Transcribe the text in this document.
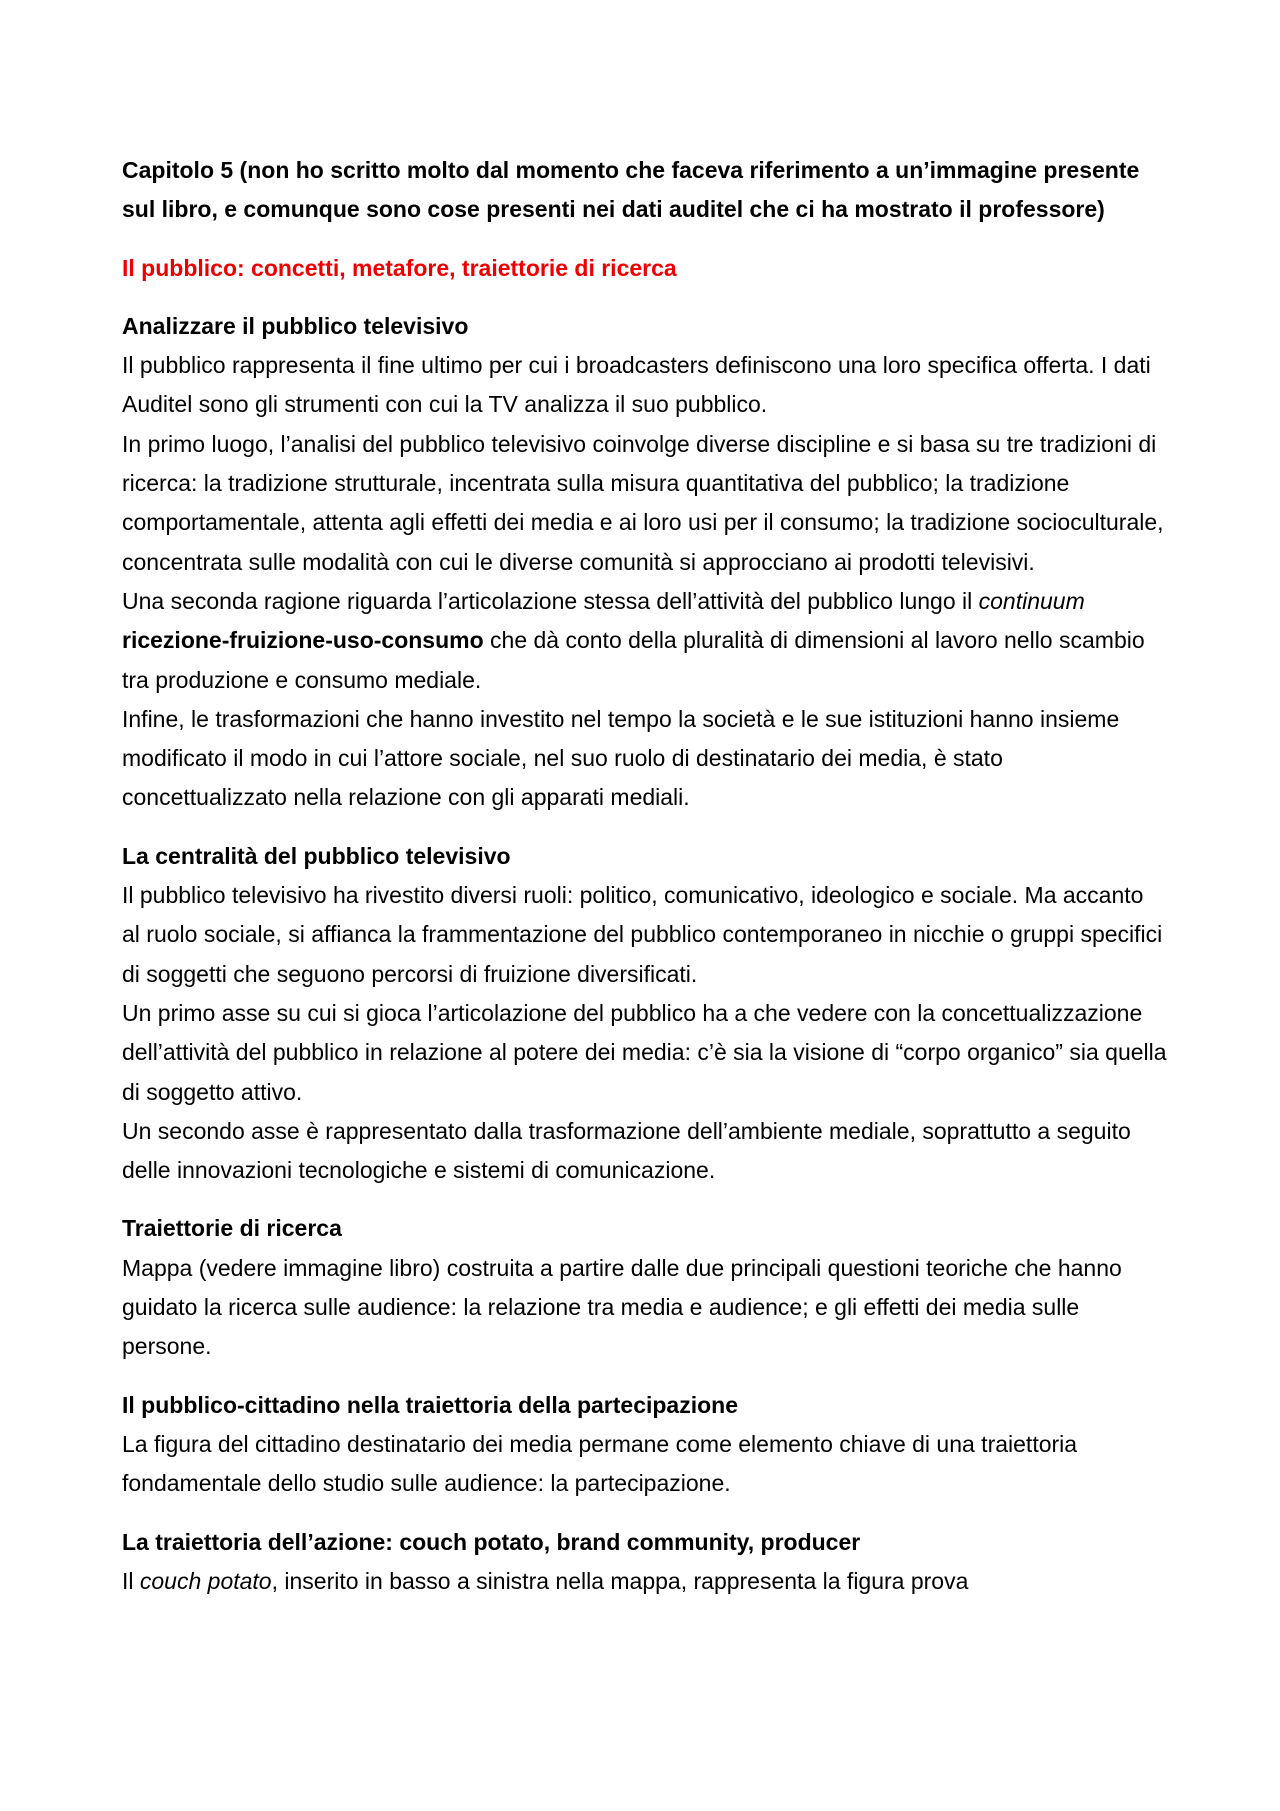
Capitolo 5 (non ho scritto molto dal momento che faceva riferimento a un’immagine presente sul libro, e comunque sono cose presenti nei dati auditel che ci ha mostrato il professore)

Il pubblico: concetti, metafore, traiettorie di ricerca

Analizzare il pubblico televisivo

Il pubblico rappresenta il fine ultimo per cui i broadcasters definiscono una loro specifica offerta. I dati Auditel sono gli strumenti con cui la TV analizza il suo pubblico.

In primo luogo, l’analisi del pubblico televisivo coinvolge diverse discipline e si basa su tre tradizioni di ricerca: la tradizione strutturale, incentrata sulla misura quantitativa del pubblico; la tradizione comportamentale, attenta agli effetti dei media e ai loro usi per il consumo; la tradizione socioculturale, concentrata sulle modalità con cui le diverse comunità si approcciano ai prodotti televisivi.

Una seconda ragione riguarda l’articolazione stessa dell’attività del pubblico lungo il continuum ricezione-fruizione-uso-consumo che dà conto della pluralità di dimensioni al lavoro nello scambio tra produzione e consumo mediale.

Infine, le trasformazioni che hanno investito nel tempo la società e le sue istituzioni hanno insieme modificato il modo in cui l’attore sociale, nel suo ruolo di destinatario dei media, è stato concettualizzato nella relazione con gli apparati mediali.

La centralità del pubblico televisivo

Il pubblico televisivo ha rivestito diversi ruoli: politico, comunicativo, ideologico e sociale. Ma accanto al ruolo sociale, si affianca la frammentazione del pubblico contemporaneo in nicchie o gruppi specifici di soggetti che seguono percorsi di fruizione diversificati.

Un primo asse su cui si gioca l’articolazione del pubblico ha a che vedere con la concettualizzazione dell’attività del pubblico in relazione al potere dei media: c’è sia la visione di “corpo organico” sia quella di soggetto attivo.

Un secondo asse è rappresentato dalla trasformazione dell’ambiente mediale, soprattutto a seguito delle innovazioni tecnologiche e sistemi di comunicazione.

Traiettorie di ricerca

Mappa (vedere immagine libro) costruita a partire dalle due principali questioni teoriche che hanno guidato la ricerca sulle audience: la relazione tra media e audience; e gli effetti dei media sulle persone.

Il pubblico-cittadino nella traiettoria della partecipazione

La figura del cittadino destinatario dei media permane come elemento chiave di una traiettoria fondamentale dello studio sulle audience: la partecipazione.

La traiettoria dell’azione: couch potato, brand community, producer

Il couch potato, inserito in basso a sinistra nella mappa, rappresenta la figura prova
